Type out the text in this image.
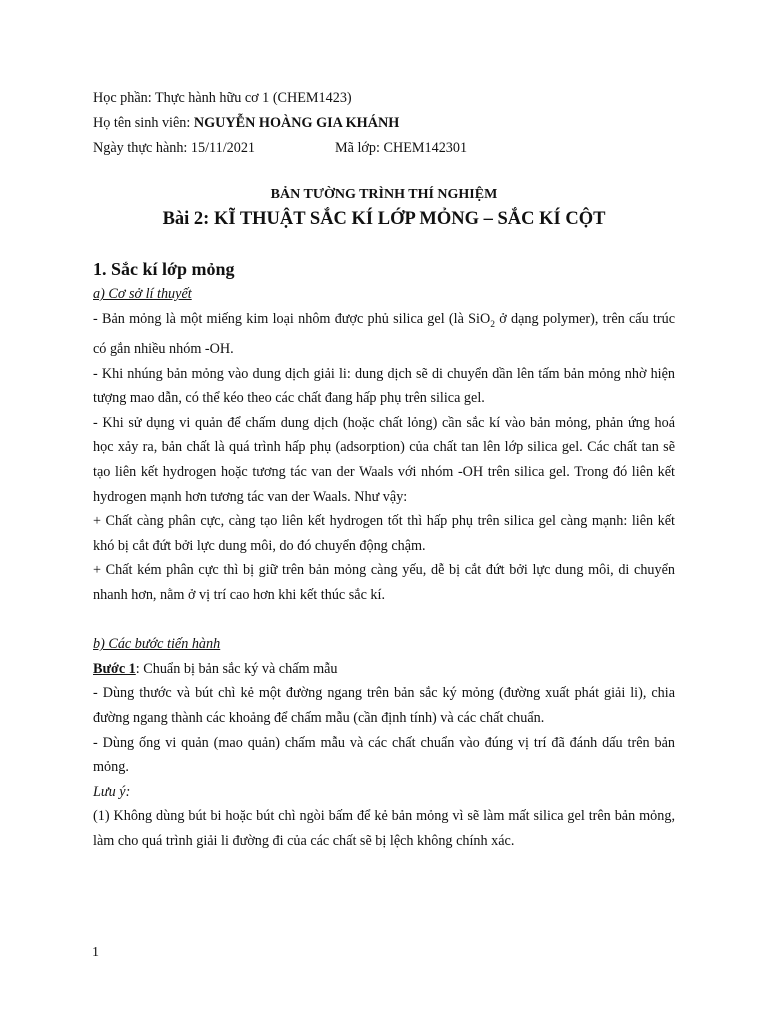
Học phần: Thực hành hữu cơ 1 (CHEM1423)

Họ tên sinh viên: NGUYỄN HOÀNG GIA KHÁNH

Ngày thực hành: 15/11/2021	Mã lớp: CHEM142301

BẢN TƯỜNG TRÌNH THÍ NGHIỆM

Bài 2: KĨ THUẬT SẮC KÍ LỚP MỎNG – SẮC KÍ CỘT

1. Sắc kí lớp mỏng

a) Cơ sở lí thuyết

- Bản mỏng là một miếng kim loại nhôm được phủ silica gel (là SiO$_2$ ở dạng polymer), trên cấu trúc có gắn nhiều nhóm -OH.

- Khi nhúng bản mỏng vào dung dịch giải li: dung dịch sẽ di chuyển dần lên tấm bản mỏng nhờ hiện tượng mao dẫn, có thể kéo theo các chất đang hấp phụ trên silica gel.

- Khi sử dụng vi quản để chấm dung dịch (hoặc chất lỏng) cần sắc kí vào bản mỏng, phản ứng hoá học xảy ra, bản chất là quá trình hấp phụ (adsorption) của chất tan lên lớp silica gel. Các chất tan sẽ tạo liên kết hydrogen hoặc tương tác van der Waals với nhóm -OH trên silica gel. Trong đó liên kết hydrogen mạnh hơn tương tác van der Waals. Như vậy:

+ Chất càng phân cực, càng tạo liên kết hydrogen tốt thì hấp phụ trên silica gel càng mạnh: liên kết khó bị cắt đứt bởi lực dung môi, do đó chuyển động chậm.

+ Chất kém phân cực thì bị giữ trên bản mỏng càng yếu, dễ bị cắt đứt bởi lực dung môi, di chuyển nhanh hơn, nằm ở vị trí cao hơn khi kết thúc sắc kí.

b) Các bước tiến hành

Bước 1: Chuẩn bị bản sắc ký và chấm mẫu

- Dùng thước và bút chì kẻ một đường ngang trên bản sắc ký mỏng (đường xuất phát giải li), chia đường ngang thành các khoảng để chấm mẫu (cần định tính) và các chất chuẩn.

- Dùng ống vi quản (mao quản) chấm mẫu và các chất chuẩn vào đúng vị trí đã đánh dấu trên bản mỏng.

Lưu ý:

(1) Không dùng bút bi hoặc bút chì ngòi bấm để kẻ bản mỏng vì sẽ làm mất silica gel trên bản mỏng, làm cho quá trình giải li đường đi của các chất sẽ bị lệch không chính xác.

1
